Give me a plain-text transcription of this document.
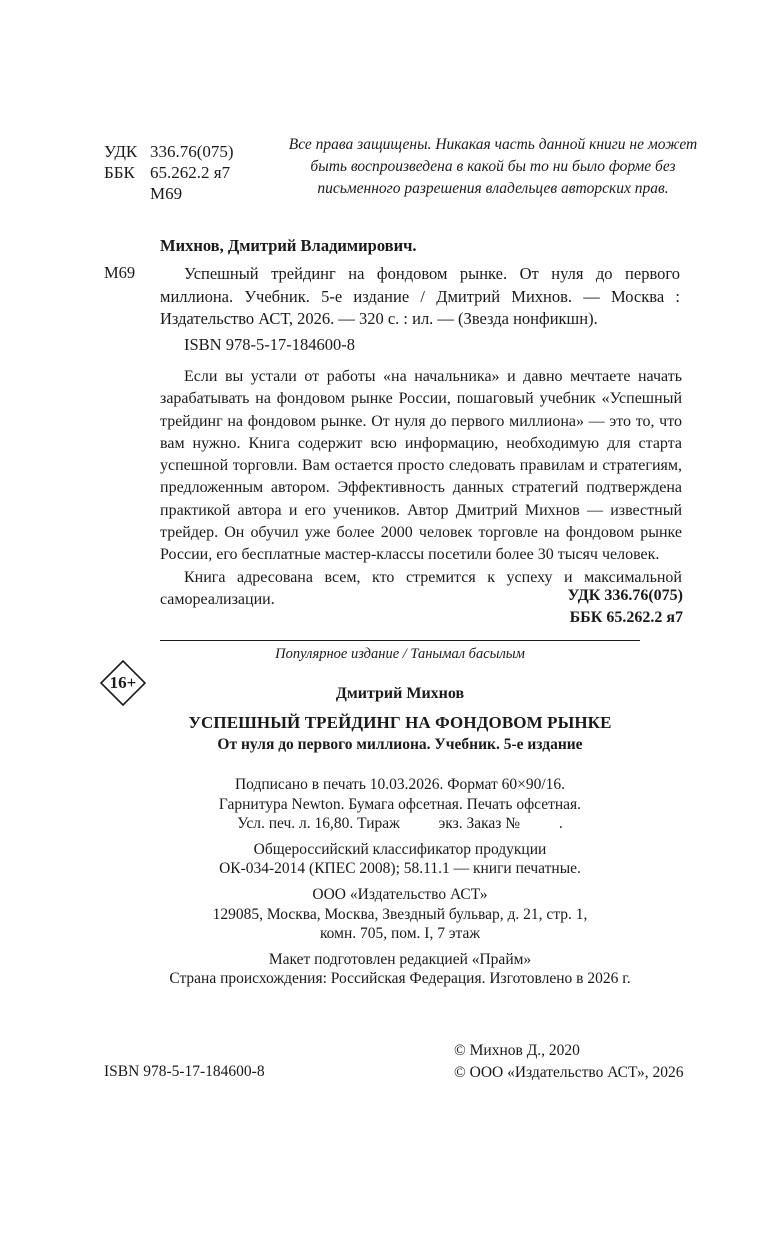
УДК 336.76(075)
ББК 65.262.2 я7
М69
Все права защищены. Никакая часть данной книги не может быть воспроизведена в какой бы то ни было форме без письменного разрешения владельцев авторских прав.
Михнов, Дмитрий Владимирович.
М69	Успешный трейдинг на фондовом рынке. От нуля до первого миллиона. Учебник. 5-е издание / Дмитрий Михнов. — Москва : Издательство АСТ, 2026. — 320 с. : ил. — (Звезда нонфикшн).
ISBN 978-5-17-184600-8

Если вы устали от работы «на начальника» и давно мечтаете начать зарабатывать на фондовом рынке России, пошаговый учебник «Успешный трейдинг на фондовом рынке. От нуля до первого миллиона» — это то, что вам нужно. Книга содержит всю информацию, необходимую для старта успешной торговли. Вам остается просто следовать правилам и стратегиям, предложенным автором. Эффективность данных стратегий подтверждена практикой автора и его учеников. Автор Дмитрий Михнов — известный трейдер. Он обучил уже более 2000 человек торговле на фондовом рынке России, его бесплатные мастер-классы посетили более 30 тысяч человек.

Книга адресована всем, кто стремится к успеху и максимальной самореализации.	УДК 336.76(075)
ББК 65.262.2 я7
Популярное издание / Танымал басылым
16+
Дмитрий Михнов
УСПЕШНЫЙ ТРЕЙДИНГ НА ФОНДОВОМ РЫНКЕ
От нуля до первого миллиона. Учебник. 5-е издание
Подписано в печать 10.03.2026. Формат 60×90/16.
Гарнитура Newton. Бумага офсетная. Печать офсетная.
Усл. печ. л. 16,80. Тираж          экз. Заказ №          .
Общероссийский классификатор продукции
ОК-034-2014 (КПЕС 2008); 58.11.1 — книги печатные.
ООО «Издательство АСТ»
129085, Москва, Москва, Звездный бульвар, д. 21, стр. 1,
комн. 705, пом. I, 7 этаж
Макет подготовлен редакцией «Прайм»
Страна происхождения: Российская Федерация. Изготовлено в 2026 г.
© Михнов Д., 2020
© ООО «Издательство АСТ», 2026
ISBN 978-5-17-184600-8
